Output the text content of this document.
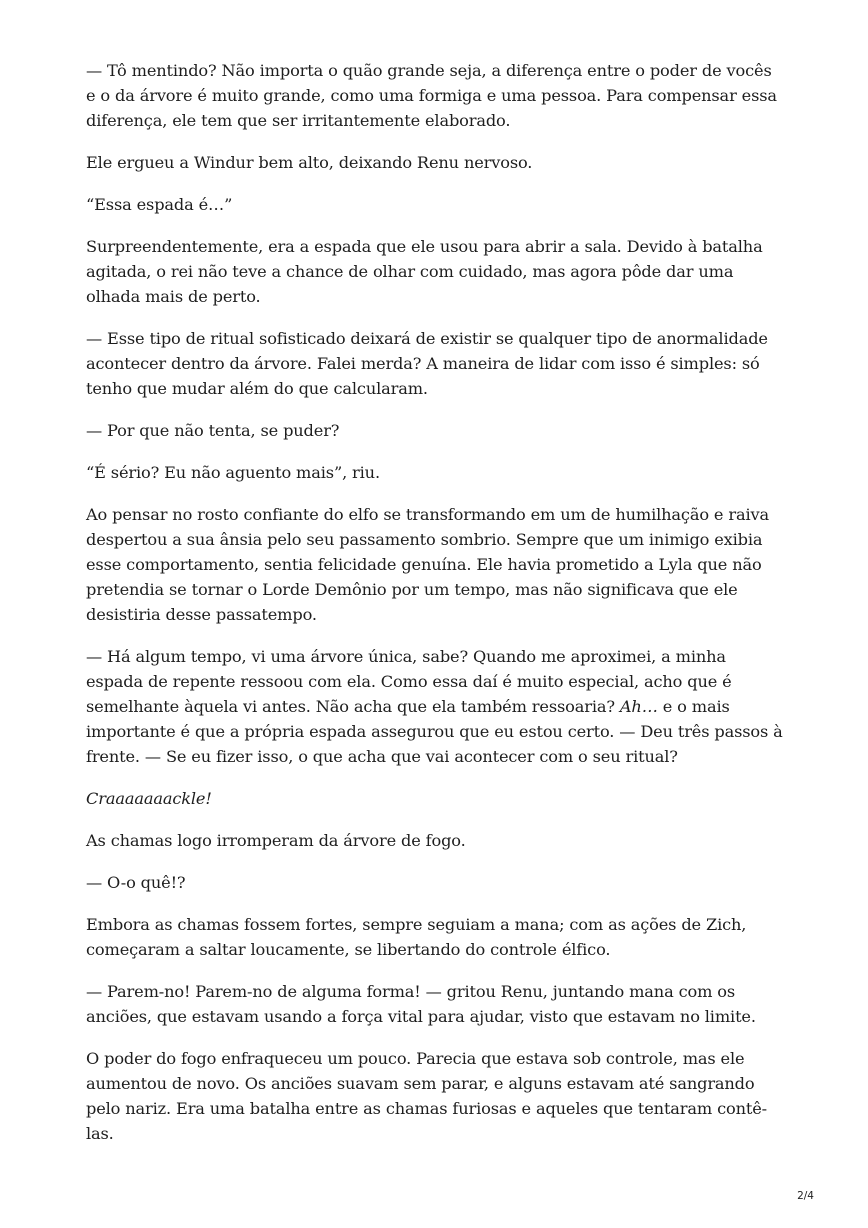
— Tô mentindo? Não importa o quão grande seja, a diferença entre o poder de vocês e o da árvore é muito grande, como uma formiga e uma pessoa. Para compensar essa diferença, ele tem que ser irritantemente elaborado.

Ele ergueu a Windur bem alto, deixando Renu nervoso.

“Essa espada é…”

Surpreendentemente, era a espada que ele usou para abrir a sala. Devido à batalha agitada, o rei não teve a chance de olhar com cuidado, mas agora pôde dar uma olhada mais de perto.

— Esse tipo de ritual sofisticado deixará de existir se qualquer tipo de anormalidade acontecer dentro da árvore. Falei merda? A maneira de lidar com isso é simples: só tenho que mudar além do que calcularam.

— Por que não tenta, se puder?

“É sério? Eu não aguento mais”, riu.

Ao pensar no rosto confiante do elfo se transformando em um de humilhação e raiva despertou a sua ânsia pelo seu passamento sombrio. Sempre que um inimigo exibia esse comportamento, sentia felicidade genuína. Ele havia prometido a Lyla que não pretendia se tornar o Lorde Demônio por um tempo, mas não significava que ele desistiria desse passatempo.

— Há algum tempo, vi uma árvore única, sabe? Quando me aproximei, a minha espada de repente ressoou com ela. Como essa daí é muito especial, acho que é semelhante àquela vi antes. Não acha que ela também ressoaria? Ah… e o mais importante é que a própria espada assegurou que eu estou certo. — Deu três passos à frente. — Se eu fizer isso, o que acha que vai acontecer com o seu ritual?

Craaaaaaackle!

As chamas logo irromperam da árvore de fogo.

— O-o quê!?

Embora as chamas fossem fortes, sempre seguiam a mana; com as ações de Zich, começaram a saltar loucamente, se libertando do controle élfico.

— Parem-no! Parem-no de alguma forma! — gritou Renu, juntando mana com os anciões, que estavam usando a força vital para ajudar, visto que estavam no limite.

O poder do fogo enfraqueceu um pouco. Parecia que estava sob controle, mas ele aumentou de novo. Os anciões suavam sem parar, e alguns estavam até sangrando pelo nariz. Era uma batalha entre as chamas furiosas e aqueles que tentaram contê-las.

2/4
